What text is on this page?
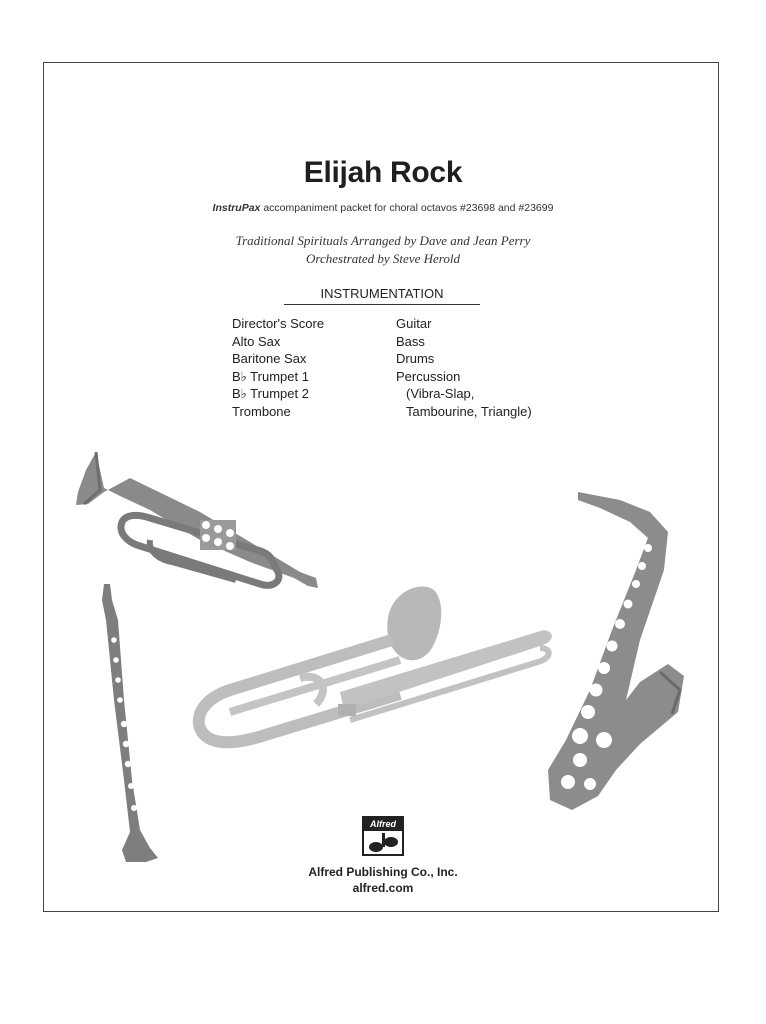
Elijah Rock
InstruPax accompaniment packet for choral octavos #23698 and #23699
Traditional Spirituals Arranged by Dave and Jean Perry
Orchestrated by Steve Herold
INSTRUMENTATION
Director's Score
Alto Sax
Baritone Sax
B♭ Trumpet 1
B♭ Trumpet 2
Trombone
Guitar
Bass
Drums
Percussion
(Vibra-Slap,
Tambourine, Triangle)
Alfred
Alfred Publishing Co., Inc.
alfred.com
